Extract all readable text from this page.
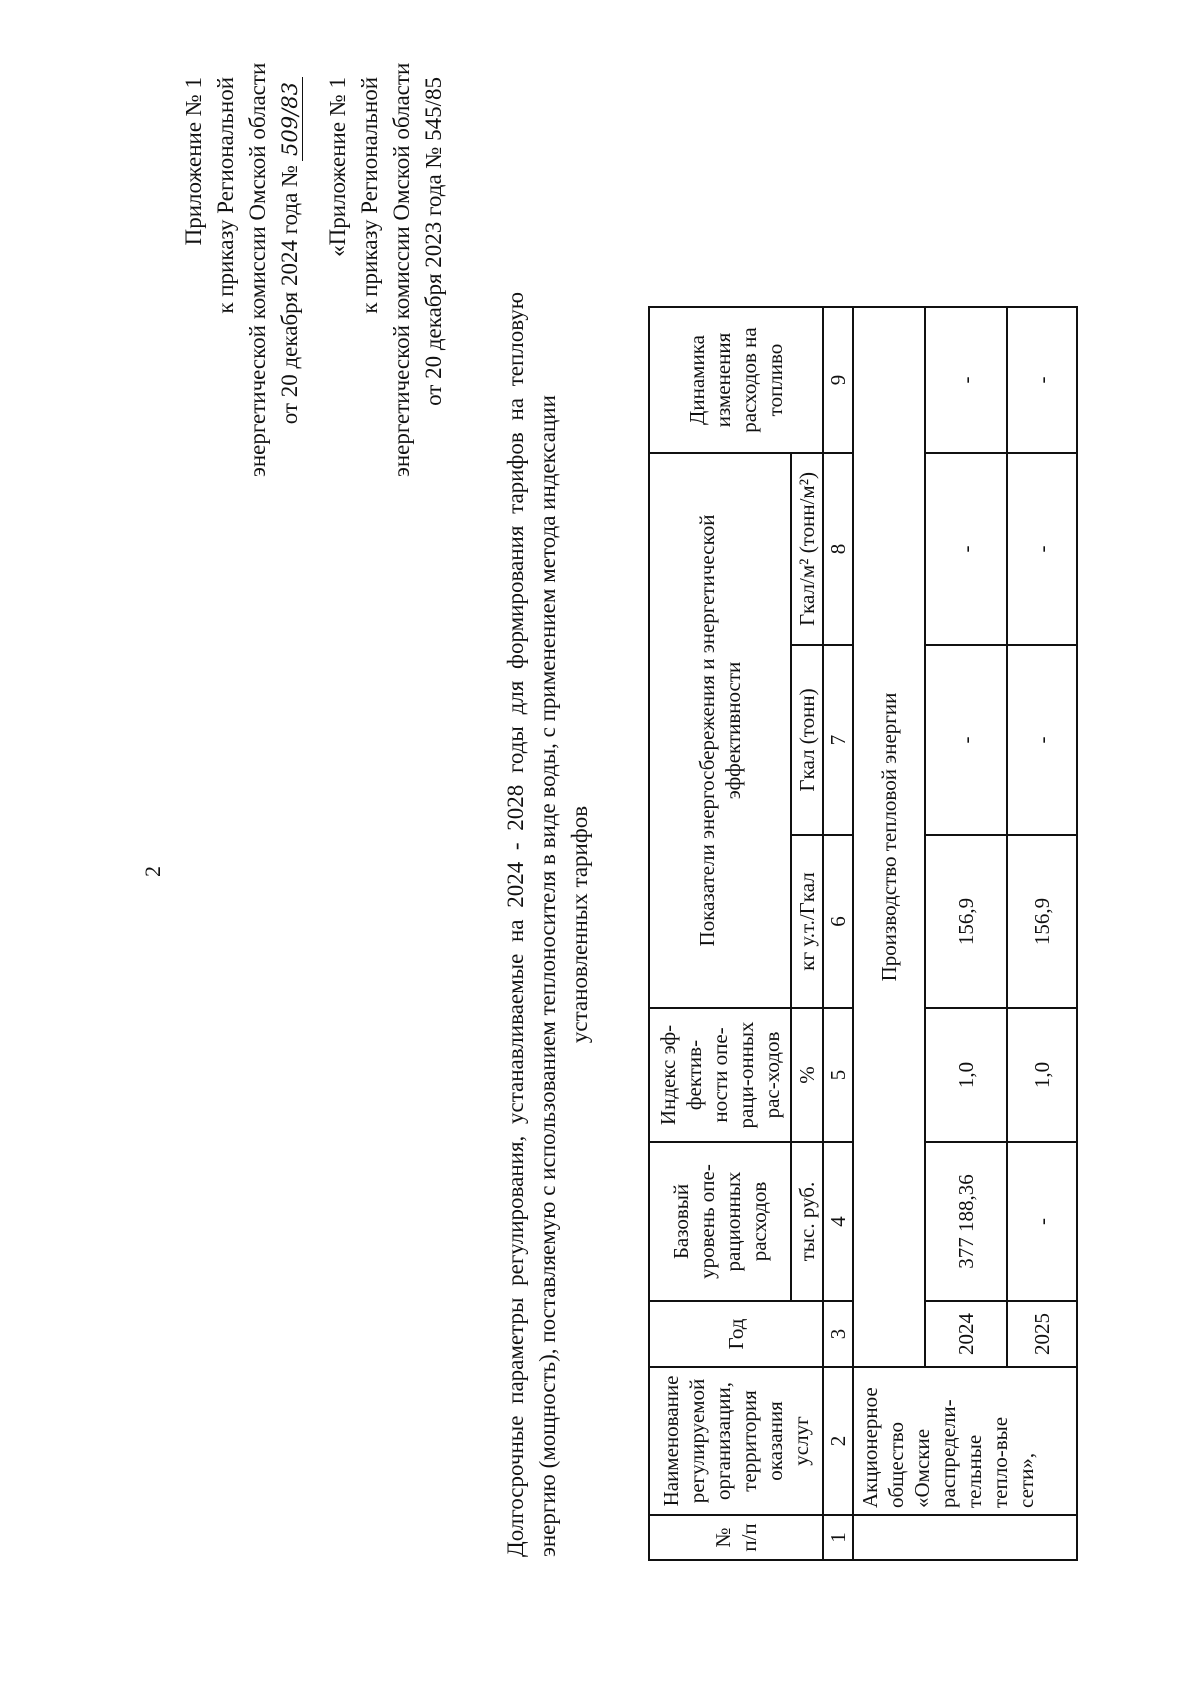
2
Приложение № 1 к приказу Региональной энергетической комиссии Омской области от 20 декабря 2024 года №509/83 «Приложение № 1 к приказу Региональной энергетической комиссии Омской области от 20 декабря 2023 года № 545/85
Долгосрочные параметры регулирования, устанавливаемые на 2024 - 2028 годы для формирования тарифов на тепловую энергию (мощность), поставляемую с использованием теплоносителя в виде воды, с применением метода индексации установленных тарифов
№ п/п	Наименование регулируемой организации, территория оказания услуг	Год	Базовый уровень опе-рационных расходов	Индекс эф-фектив-ности опе-раци-онных рас-ходов	Показатели энергосбережения и энергетической эффективности			Динамика изменения расходов на топливо
			тыс. руб.	%	кг у.т./Гкал	Гкал (тонн)	Гкал/м² (тонн/м²)	
1	2	3	4	5	6	7	8	9
	Акционерное общество «Омские распредели-тельные тепло-вые сети»,	Производство тепловой энергии						
		2024	377 188,36	1,0	156,9	-	-	-
		2025	-	1,0	156,9	-	-	-
